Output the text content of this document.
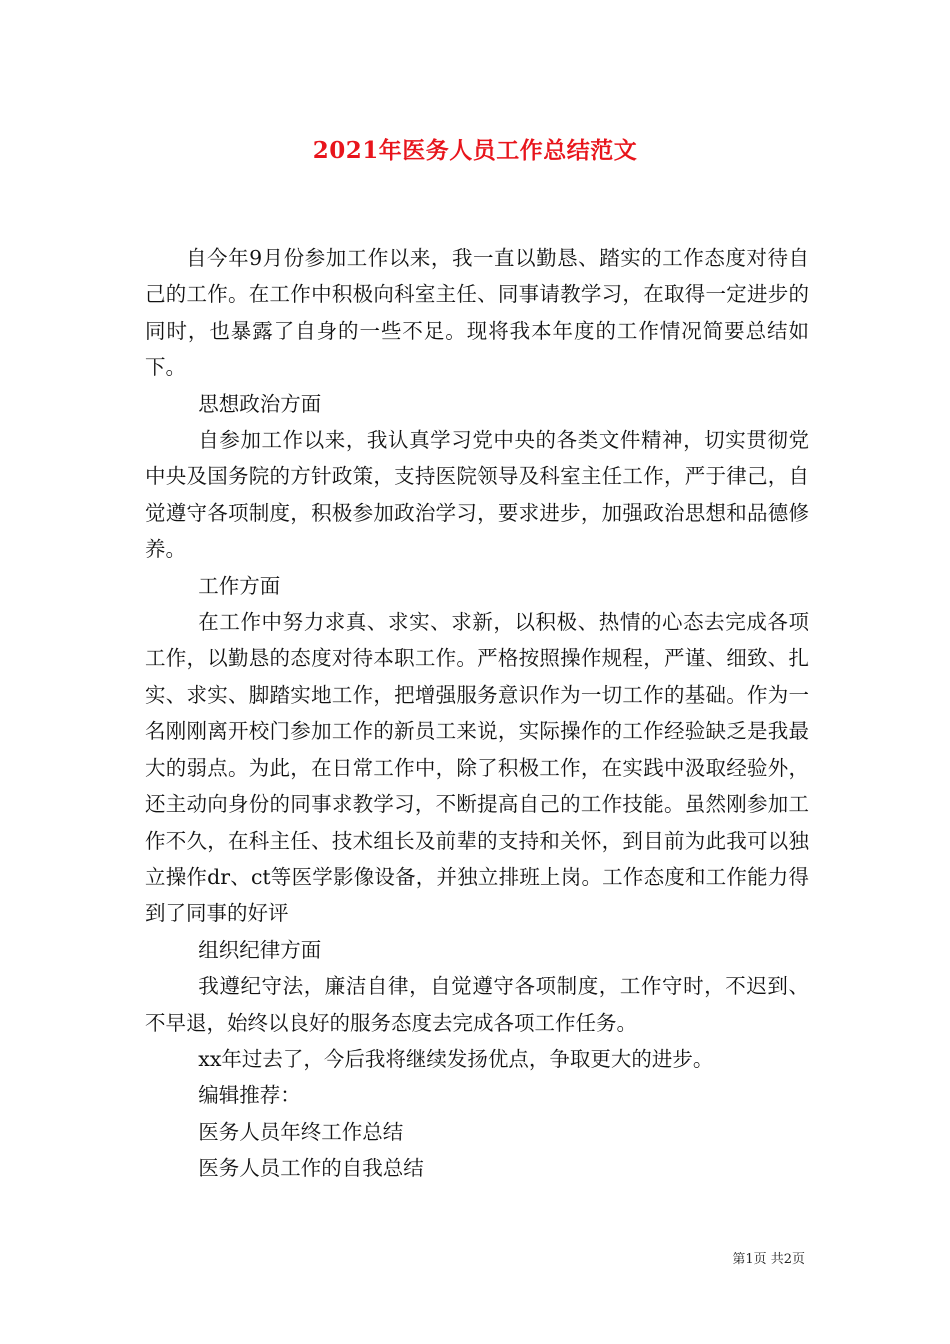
2021年医务人员工作总结范文

自今年9月份参加工作以来，我一直以勤恳、踏实的工作态度对待自己的工作。在工作中积极向科室主任、同事请教学习，在取得一定进步的同时，也暴露了自身的一些不足。现将我本年度的工作情况简要总结如下。

思想政治方面

自参加工作以来，我认真学习党中央的各类文件精神，切实贯彻党中央及国务院的方针政策，支持医院领导及科室主任工作，严于律己，自觉遵守各项制度，积极参加政治学习，要求进步，加强政治思想和品德修养。

工作方面

在工作中努力求真、求实、求新，以积极、热情的心态去完成各项工作，以勤恳的态度对待本职工作。严格按照操作规程，严谨、细致、扎实、求实、脚踏实地工作，把增强服务意识作为一切工作的基础。作为一名刚刚离开校门参加工作的新员工来说，实际操作的工作经验缺乏是我最大的弱点。为此，在日常工作中，除了积极工作，在实践中汲取经验外，还主动向身份的同事求教学习，不断提高自己的工作技能。虽然刚参加工作不久，在科主任、技术组长及前辈的支持和关怀，到目前为此我可以独立操作dr、ct等医学影像设备，并独立排班上岗。工作态度和工作能力得到了同事的好评

组织纪律方面

我遵纪守法，廉洁自律，自觉遵守各项制度，工作守时，不迟到、不早退，始终以良好的服务态度去完成各项工作任务。

xx年过去了，今后我将继续发扬优点，争取更大的进步。

编辑推荐：

医务人员年终工作总结

医务人员工作的自我总结

第1页 共2页
